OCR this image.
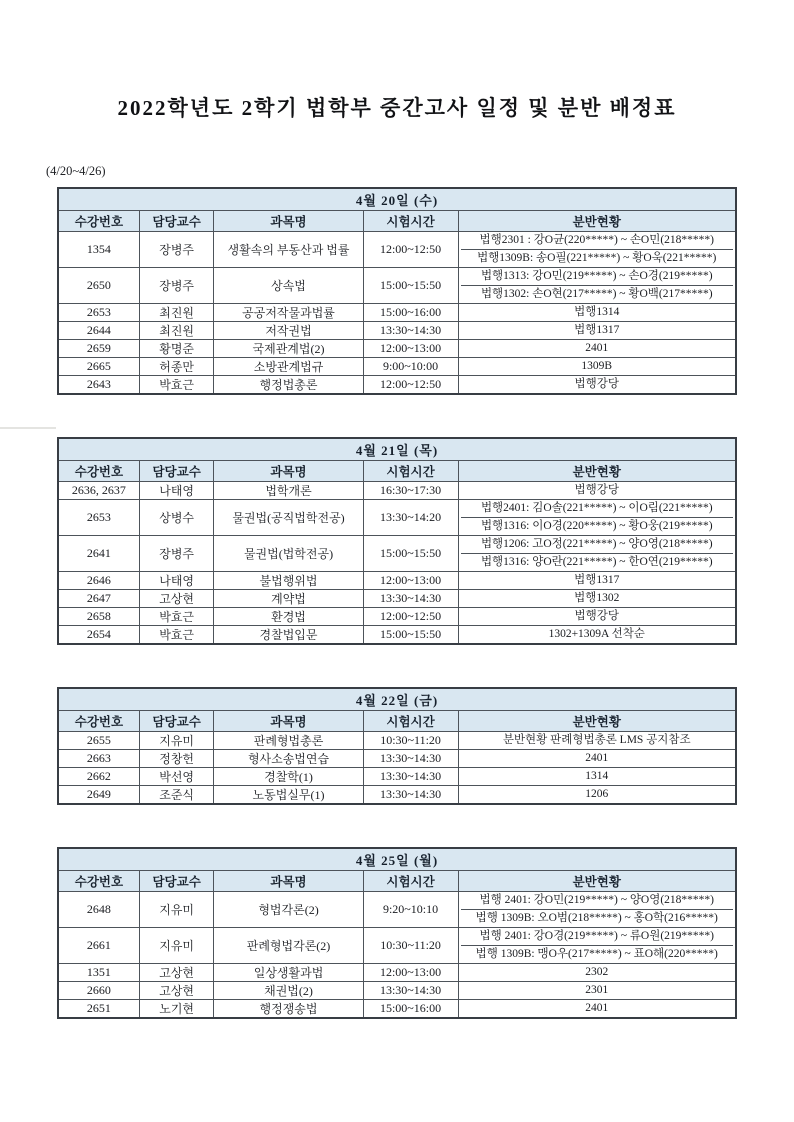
2022학년도 2학기 법학부 중간고사 일정 및 분반 배정표
(4/20~4/26)
4월 20일 (수)				
수강번호	담당교수	과목명	시험시간	분반현황
1354	장병주	생활속의 부동산과 법률	12:00~12:50	법행2301 : 강O균(220*****) ~ 손O민(218*****)
법행1309B: 송O필(221*****) ~ 황O욱(221*****)

2650	장병주	상속법	15:00~15:50	법행1313: 강O민(219*****) ~ 손O경(219*****)
법행1302: 손O현(217*****) ~ 황O백(217*****)

2653	최진원	공공저작물과법률	15:00~16:00	법행1314

2644	최진원	저작권법	13:30~14:30	법행1317

2659	황명준	국제관계법(2)	12:00~13:00	2401

2665	허종만	소방관계법규	9:00~10:00	1309B

2643	박효근	행정법총론	12:00~12:50	법행강당
4월 21일 (목)				
수강번호	담당교수	과목명	시험시간	분반현황
2636, 2637	나태영	법학개론	16:30~17:30	법행강당

2653	상병수	물권법(공직법학전공)	13:30~14:20	법행2401: 김O솔(221*****) ~ 이O림(221*****)
법행1316: 이O경(220*****) ~ 황O웅(219*****)

2641	장병주	물권법(법학전공)	15:00~15:50	법행1206: 고O정(221*****) ~ 양O영(218*****)
법행1316: 양O란(221*****) ~ 한O연(219*****)

2646	나태영	불법행위법	12:00~13:00	법행1317

2647	고상현	계약법	13:30~14:30	법행1302

2658	박효근	환경법	12:00~12:50	법행강당

2654	박효근	경찰법입문	15:00~15:50	1302+1309A 선착순
4월 22일 (금)				
수강번호	담당교수	과목명	시험시간	분반현황
2655	지유미	판례형법총론	10:30~11:20	분반현황 판례형법총론 LMS 공지참조

2663	정창헌	형사소송법연습	13:30~14:30	2401

2662	박선영	경찰학(1)	13:30~14:30	1314

2649	조준식	노동법실무(1)	13:30~14:30	1206
4월 25일 (월)				
수강번호	담당교수	과목명	시험시간	분반현황
2648	지유미	형법각론(2)	9:20~10:10	법행 2401: 강O민(219*****) ~ 양O영(218*****)
법행 1309B: 오O범(218*****) ~ 홍O학(216*****)

2661	지유미	판례형법각론(2)	10:30~11:20	법행 2401: 강O경(219*****) ~ 류O원(219*****)
법행 1309B: 맹O우(217*****) ~ 표O해(220*****)

1351	고상현	일상생활과법	12:00~13:00	2302

2660	고상현	채권법(2)	13:30~14:30	2301

2651	노기현	행정쟁송법	15:00~16:00	2401
